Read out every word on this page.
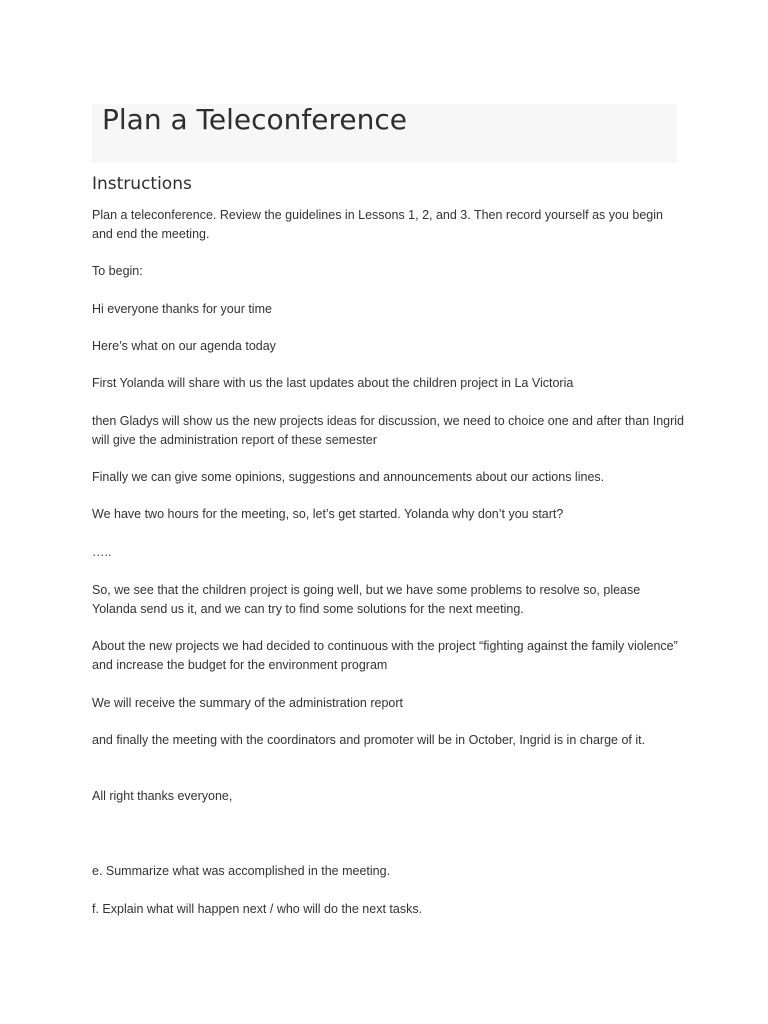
Plan a Teleconference
Instructions

Plan a teleconference. Review the guidelines in Lessons 1, 2, and 3. Then record yourself as you begin and end the meeting.

To begin:

Hi everyone thanks for your time

Here’s what on our agenda today

First Yolanda will share with us the last updates about the children project in La Victoria

then Gladys will show us the new projects ideas for discussion, we need to choice one and after than Ingrid will give the administration report of these semester

Finally we can give some opinions, suggestions and announcements about our actions lines.

We have two hours for the meeting, so, let’s get started. Yolanda why don’t you start?

…..

So, we see that the children project is going well, but we have some problems to resolve so, please Yolanda send us it, and we can try to find some solutions for the next meeting.

About the new projects we had decided to continuous with the project “fighting against the family violence” and increase the budget for the environment program

We will receive the summary of the administration report

and finally the meeting with the coordinators and promoter will be in October, Ingrid is in charge of it.

All right thanks everyone,

e. Summarize what was accomplished in the meeting.

f. Explain what will happen next / who will do the next tasks.
